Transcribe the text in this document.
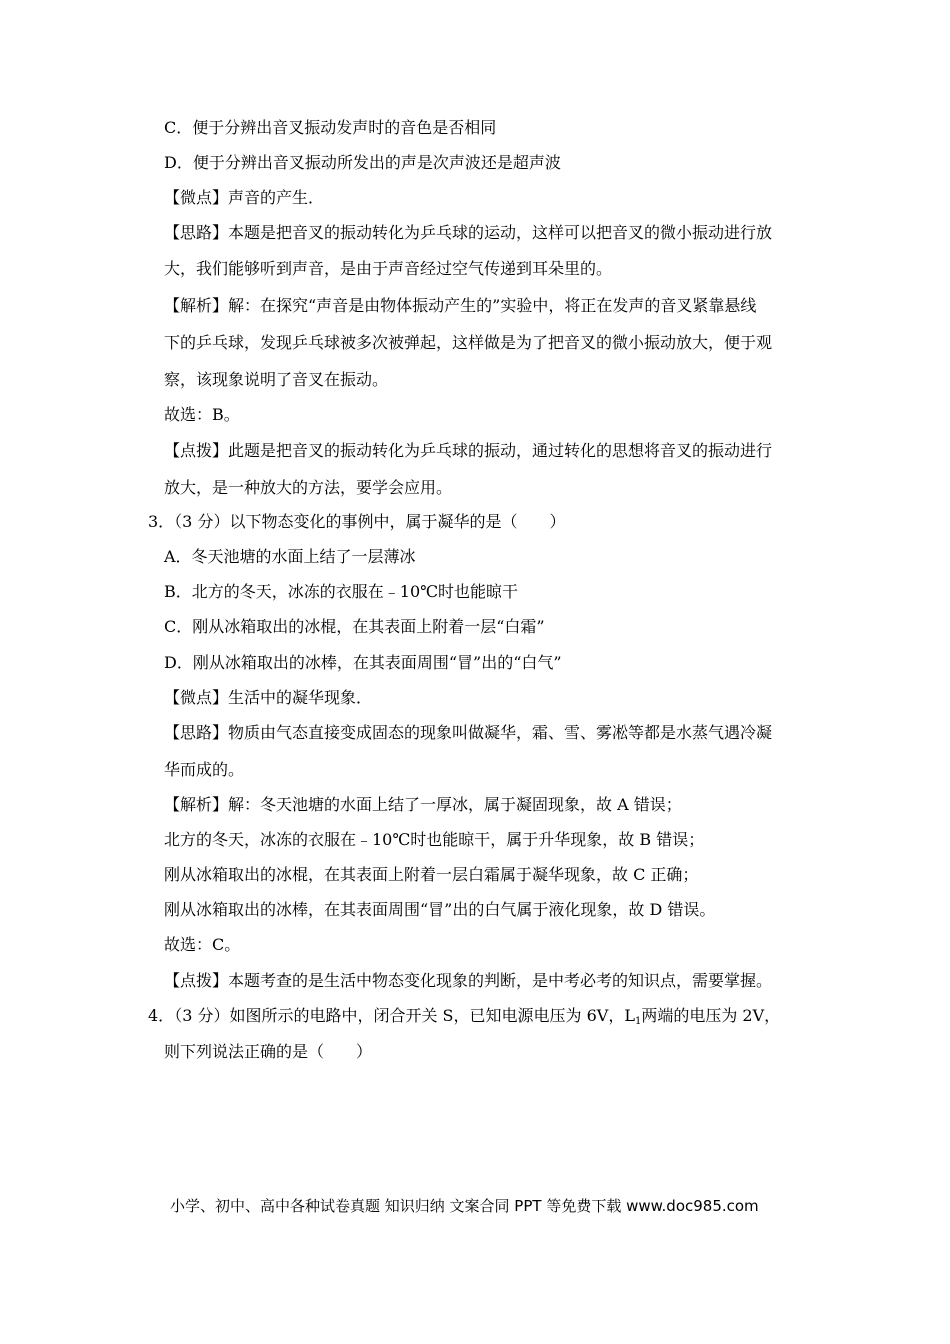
C．便于分辨出音叉振动发声时的音色是否相同
D．便于分辨出音叉振动所发出的声是次声波还是超声波
【微点】声音的产生．
【思路】本题是把音叉的振动转化为乒乓球的运动，这样可以把音叉的微小振动进行放
大，我们能够听到声音，是由于声音经过空气传递到耳朵里的。
【解析】解：在探究“声音是由物体振动产生的”实验中，将正在发声的音叉紧靠悬线
下的乒乓球，发现乒乓球被多次被弹起，这样做是为了把音叉的微小振动放大，便于观
察，该现象说明了音叉在振动。
故选：B。
【点拨】此题是把音叉的振动转化为乒乓球的振动，通过转化的思想将音叉的振动进行
放大，是一种放大的方法，要学会应用。
3．（3 分）以下物态变化的事例中，属于凝华的是（　　）
A．冬天池塘的水面上结了一层薄冰
B．北方的冬天，冰冻的衣服在﹣10℃时也能晾干
C．刚从冰箱取出的冰棍，在其表面上附着一层“白霜”
D．刚从冰箱取出的冰棒，在其表面周围“冒”出的“白气”
【微点】生活中的凝华现象．
【思路】物质由气态直接变成固态的现象叫做凝华，霜、雪、雾凇等都是水蒸气遇冷凝
华而成的。
【解析】解：冬天池塘的水面上结了一厚冰，属于凝固现象，故 A 错误；
北方的冬天，冰冻的衣服在﹣10℃时也能晾干，属于升华现象，故 B 错误；
刚从冰箱取出的冰棍，在其表面上附着一层白霜属于凝华现象，故 C 正确；
刚从冰箱取出的冰棒，在其表面周围“冒”出的白气属于液化现象，故 D 错误。
故选：C。
【点拨】本题考查的是生活中物态变化现象的判断，是中考必考的知识点，需要掌握。
4．（3 分）如图所示的电路中，闭合开关 S，已知电源电压为 6V，$L_1$两端的电压为 2V，
则下列说法正确的是（　　）
小学、初中、高中各种试卷真题 知识归纳 文案合同 PPT 等免费下载 www.doc985.com
